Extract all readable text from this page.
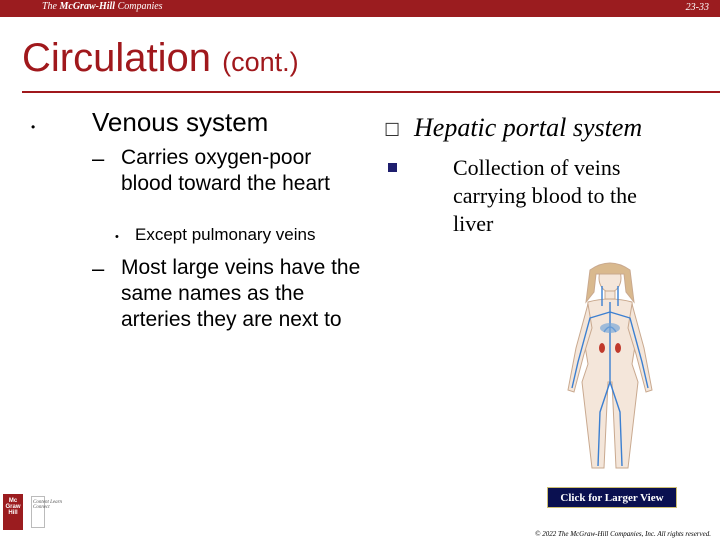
The McGraw-Hill Companies	23-33
Circulation (cont.)
• Venous system
– Carries oxygen-poor blood toward the heart
• Except pulmonary veins
– Most large veins have the same names as the arteries they are next to
☐ Hepatic portal system
Collection of veins carrying blood to the liver
Click for Larger View
Mc Graw Hill
Content Learn Connect
© 2022 The McGraw-Hill Companies, Inc. All rights reserved.
